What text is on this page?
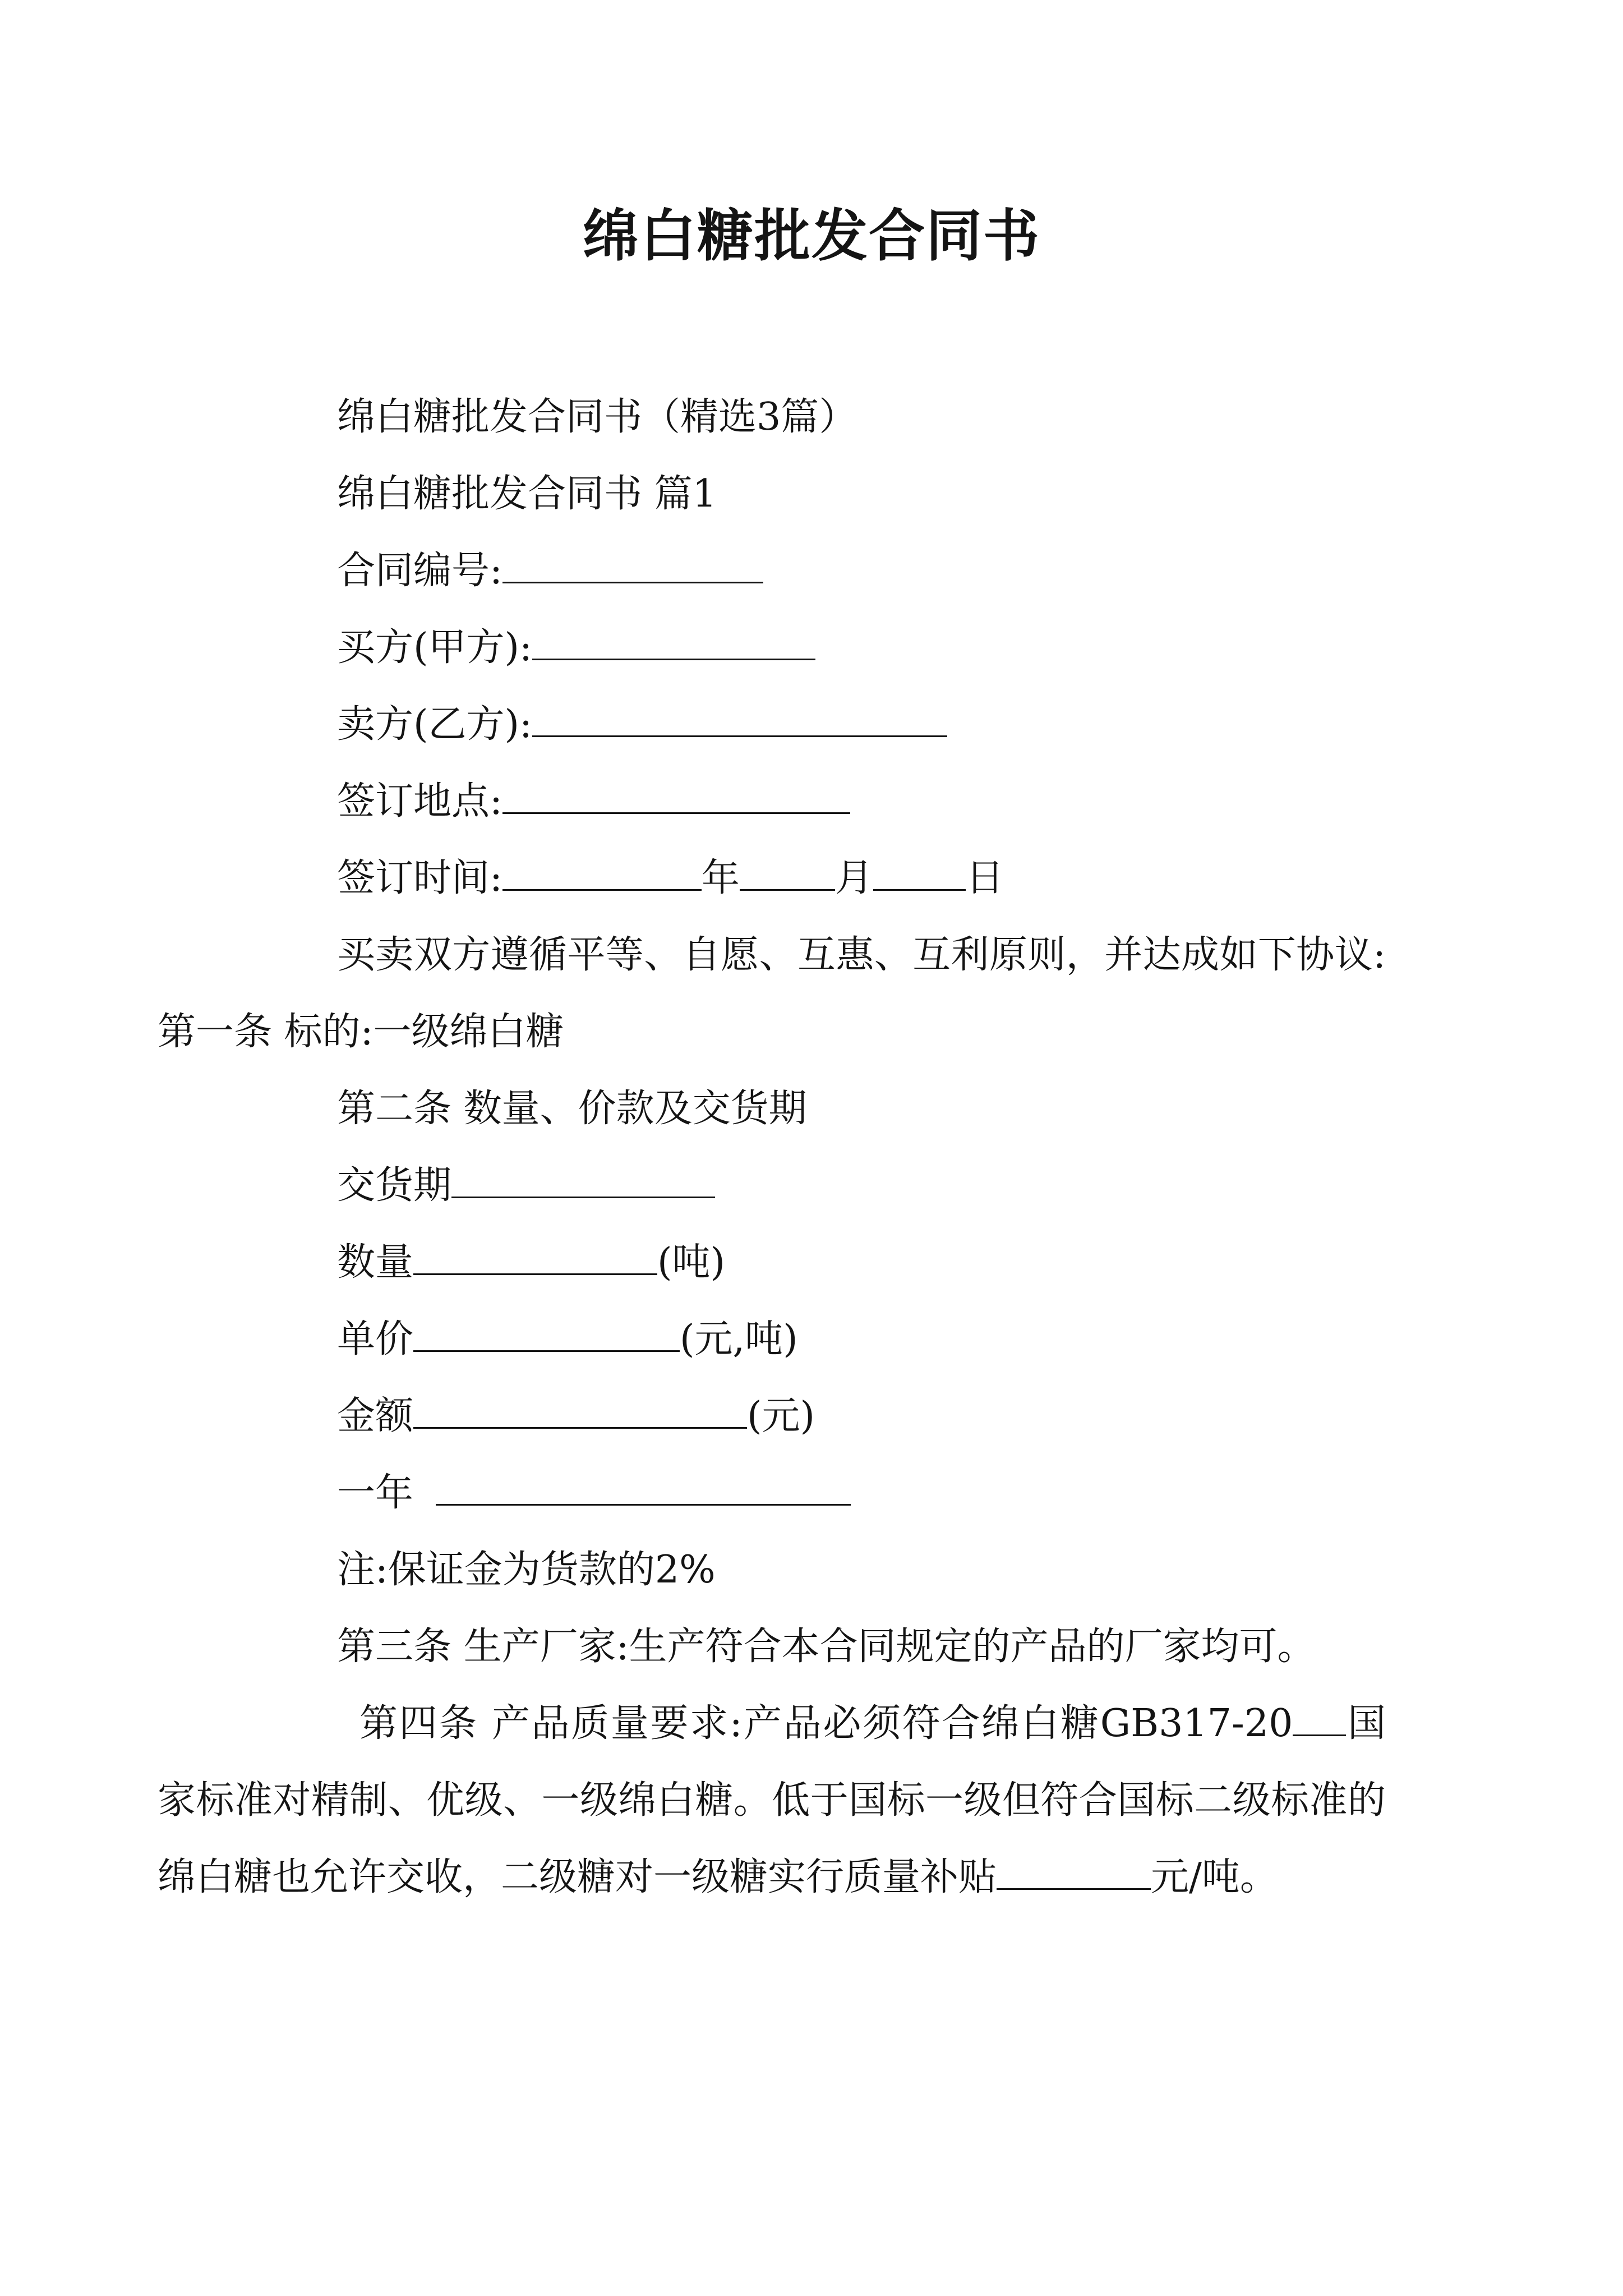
绵白糖批发合同书

绵白糖批发合同书（精选3篇）

绵白糖批发合同书 篇1

合同编号:

买方(甲方):

卖方(乙方):

签订地点:

签订时间:	年	月 日

买卖双方遵循平等、自愿、互惠、互利原则，并达成如下协议: 第一条 标的:一级绵白糖

第二条 数量、价款及交货期

交货期

数量	(吨)

单价	(元,吨)

金额	(元)

一年

注:保证金为货款的2%

第三条 生产厂家:生产符合本合同规定的产品的厂家均可。

第四条 产品质量要求:产品必须符合绵白糖GB317-20 国家标准对精制、优级、一级绵白糖。低于国标一级但符合国标二级标准的绵白糖也允许交收，二级糖对一级糖实行质量补贴	元/吨。
